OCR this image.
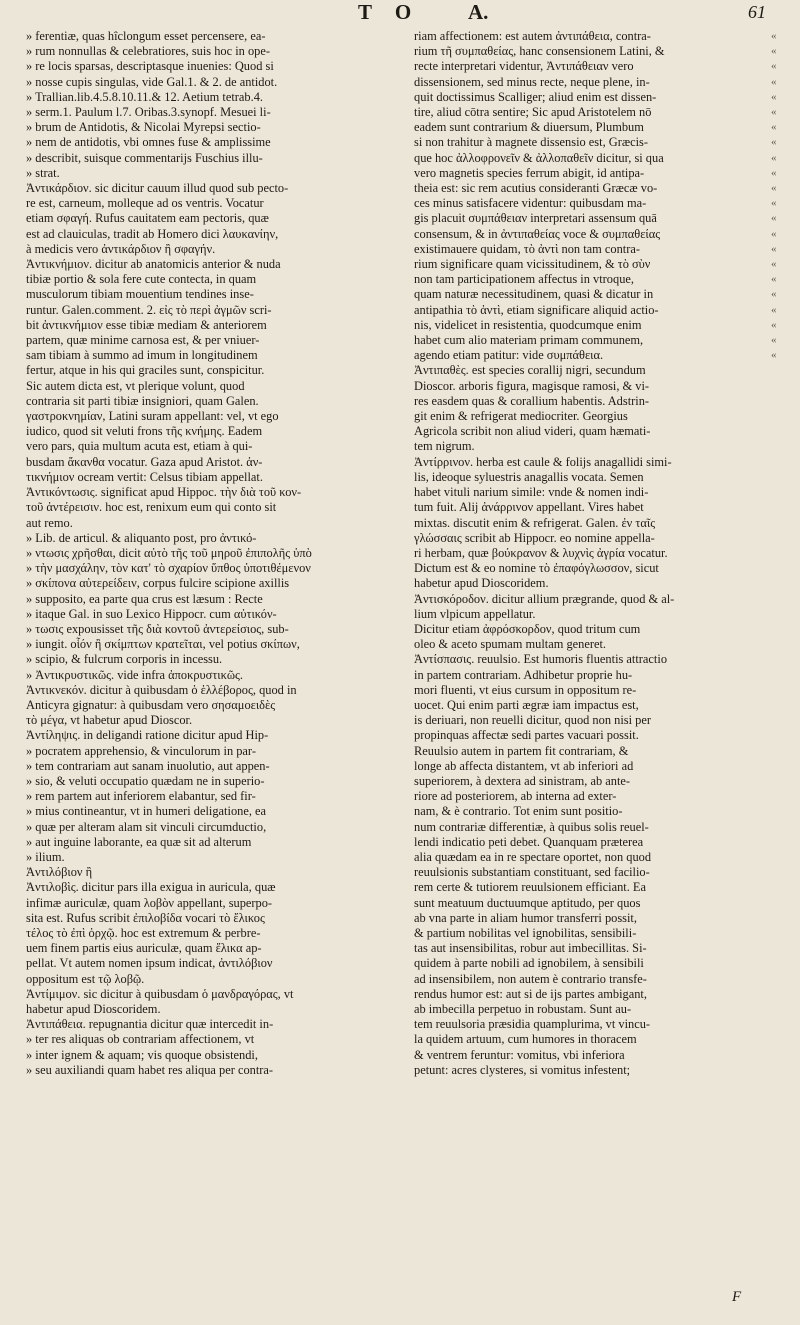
T O A.	61
» ferentiæ, quas hîclongum esset percensere, ea-
» rum nonnullas & celebratiores, suis hoc in ope-
» re locis sparsas, descriptasque inuenies: Quod si
» nosse cupis singulas, vide Gal.1. & 2. de antidot.
» Trallian.lib.4.5.8.10.11.& 12. Aetium tetrab.4.
» serm.1. Paulum l.7. Oribas.3.synopf. Mesuei li-
» brum de Antidotis, & Nicolai Myrepsi sectio-
» nem de antidotis, vbi omnes fuse & amplissime
» describit, suisque commentarijs Fuschius illu-
» strat.
Ἀντικάρδιον. sic dicitur cauum illud quod sub pecto-
re est, carneum, molleque ad os ventris. Vocatur
etiam σφαγή. Rufus cauitatem eam pectoris, quæ
est ad clauiculas, tradit ab Homero dici λαυκανίην,
à medicis vero ἀντικάρδιον ἢ σφαγήν.
Ἀντικνήμιον. dicitur ab anatomicis anterior & nuda
tibiæ portio & sola fere cute contecta, in quam
musculorum tibiam mouentium tendines inse-
runtur. Galen.comment. 2. εἰς τὸ περὶ ἀγμῶν scri-
bit ἀντικνήμιον esse tibiæ mediam & anteriorem
partem, quæ minime carnosa est, & per vniuer-
sam tibiam à summo ad imum in longitudinem
fertur, atque in his qui graciles sunt, conspicitur.
Sic autem dicta est, vt plerique volunt, quod
contraria sit parti tibiæ insigniori, quam Galen.
γαστροκνημίαν, Latini suram appellant: vel, vt ego
iudico, quod sit veluti frons τῆς κνήμης. Eadem
vero pars, quia multum acuta est, etiam à qui-
busdam ἄκανθα vocatur. Gaza apud Aristot. ἀν-
τικνήμιον ocream vertit: Celsus tibiam appellat.
Ἀντικόντωσις. significat apud Hippoc. τὴν διὰ τοῦ κον-
τοῦ ἀντέρεισιν. hoc est, renixum eum qui conto sit
aut remo.
» Lib. de articul. & aliquanto post, pro ἀντικό-
» ντωσις χρῆσθαι, dicit αὐτὸ τῆς τοῦ μηροῦ ἐπιπολῆς ὑπὸ
» τὴν μασχάλην, τὸν κατ' τὸ σχαρίον ὕπθος ὑποτιθέμενον
» σκίπονα αὐτερείδειν, corpus fulcire scipione axillis
» supposito, ea parte qua crus est læsum : Recte
» itaque Gal. in suo Lexico Hippocr. cum αὐτικόν-
» τωσις expousisset τῆς διὰ κοντοῦ ἀντερείσιος, sub-
» iungit. οἷόν ἢ σκίμπτων κρατεῖται, vel potius σκίπων,
» scipio, & fulcrum corporis in incessu.
» Ἀντικρυστικῶς. vide infra ἀποκρυστικῶς.
Ἀντικνεκόν. dicitur à quibusdam ὁ ἑλλέβορος, quod in
Anticyra gignatur: à quibusdam vero σησαμοειδὲς
τὸ μέγα, vt habetur apud Dioscor.
Ἀντίληψις. in deligandi ratione dicitur apud Hip-
» pocratem apprehensio, & vinculorum in par-
» tem contrariam aut sanam inuolutio, aut appen-
» sio, & veluti occupatio quædam ne in superio-
» rem partem aut inferiorem elabantur, sed fir-
» mius contineantur, vt in humeri deligatione, ea
» quæ per alteram alam sit vinculi circumductio,
» aut inguine laborante, ea quæ sit ad alterum
» ilium.
Ἀντιλόβιον ἢ
Ἀντιλοβὶς. dicitur pars illa exigua in auricula, quæ
infimæ auriculæ, quam λοβὸν appellant, superpo-
sita est. Rufus scribit ἐπιλοβίδα vocari τὸ ἔλικος
τέλος τὸ ἐπὶ ὀρχῷ. hoc est extremum & perbre-
uem finem partis eius auriculæ, quam ἕλικα ap-
pellat. Vt autem nomen ipsum indicat, ἀντιλόβιον
oppositum est τῷ λοβῷ.
Ἀντίμιμον. sic dicitur à quibusdam ὁ μανδραγόρας, vt
habetur apud Dioscoridem.
Ἀντιπάθεια. repugnantia dicitur quæ intercedit in-
» ter res aliquas ob contrariam affectionem, vt
» inter ignem & aquam; vis quoque obsistendi,
» seu auxiliandi quam habet res aliqua per contra-
riam affectionem: est autem ἀντιπάθεια, contra-
rium τῆ συμπαθείας, hanc consensionem Latini, &
recte interpretari videntur, Ἀντιπάθειαν vero
dissensionem, sed minus recte, neque plene, in-
quit doctissimus Scalliger; aliud enim est dissen-
tire, aliud cōtra sentire; Sic apud Aristotelem nō
eadem sunt contrarium & diuersum, Plumbum
si non trahitur à magnete dissensio est, Græcis-
que hoc ἀλλοφρονεῖν & ἀλλοπαθεῖν dicitur, si qua
vero magnetis species ferrum abigit, id antipa-
theia est: sic rem acutius consideranti Græcæ vo-
ces minus satisfacere videntur: quibusdam ma-
gis placuit συμπάθειαν interpretari assensum quā
consensum, & in ἀντιπαθείας voce & συμπαθείας
existimauere quidam, τὸ ἀντὶ non tam contra-
rium significare quam vicissitudinem, & τὸ σὺν
non tam participationem affectus in vtroque,
quam naturæ necessitudinem, quasi & dicatur in
antipathia τὸ ἀντὶ, etiam significare aliquid actio-
nis, videlicet in resistentia, quodcumque enim
habet cum alio materiam primam communem,
agendo etiam patitur: vide συμπάθεια.
Ἀντιπαθὲς. est species corallij nigri, secundum
Dioscor. arboris figura, magisque ramosi, & vi-
res easdem quas & corallium habentis. Adstrin-
git enim & refrigerat mediocriter. Georgius
Agricola scribit non aliud videri, quam hæmati-
tem nigrum.
Ἀντίρρινον. herba est caule & folijs anagallidi simi-
lis, ideoque syluestris anagallis vocata. Semen
habet vituli narium simile: vnde & nomen indi-
tum fuit. Alij ἀνάρρινον appellant. Vires habet
mixtas. discutit enim & refrigerat. Galen. ἐν ταῖς
γλώσσαις scribit ab Hippocr. eo nomine appella-
ri herbam, quæ βούκρανον & λυχνὶς ἀγρία vocatur.
Dictum est & eo nomine τὸ ἐπαφόγλωσσον, sicut
habetur apud Dioscoridem.
Ἀντισκόροδον. dicitur allium prægrande, quod & al-
lium vlpicum appellatur.
Dicitur etiam ἀφρόσκορδον, quod tritum cum
oleo & aceto spumam multam generet.
Ἀντίσπασις. reuulsio. Est humoris fluentis attractio
in partem contrariam. Adhibetur proprie hu-
mori fluenti, vt eius cursum in oppositum re-
uocet. Qui enim parti ægræ iam impactus est,
is deriuari, non reuelli dicitur, quod non nisi per
propinquas affectæ sedi partes vacuari possit.
Reuulsio autem in partem fit contrariam, &
longe ab affecta distantem, vt ab inferiori ad
superiorem, à dextera ad sinistram, ab ante-
riore ad posteriorem, ab interna ad exter-
nam, & è contrario. Tot enim sunt positio-
num contrariæ differentiæ, à quibus solis reuel-
lendi indicatio peti debet. Quanquam præterea
alia quædam ea in re spectare oportet, non quod
reuulsionis substantiam constituant, sed facilio-
rem certe & tutiorem reuulsionem efficiant. Ea
sunt meatuum ductuumque aptitudo, per quos
ab vna parte in aliam humor transferri possit,
& partium nobilitas vel ignobilitas, sensibili-
tas aut insensibilitas, robur aut imbecillitas. Si-
quidem à parte nobili ad ignobilem, à sensibili
ad insensibilem, non autem è contrario transfe-
rendus humor est: aut si de ijs partes ambigant,
ab imbecilla perpetuo in robustam. Sunt au-
tem reuulsoria præsidia quamplurima, vt vincu-
la quidem artuum, cum humores in thoracem
& ventrem feruntur: vomitus, vbi inferiora
petunt: acres clysteres, si vomitus infestent;
«
«
«
«
«
«
«
«
«
«
«
«
«
«
«
«
«
«
«
«
«
«
F
